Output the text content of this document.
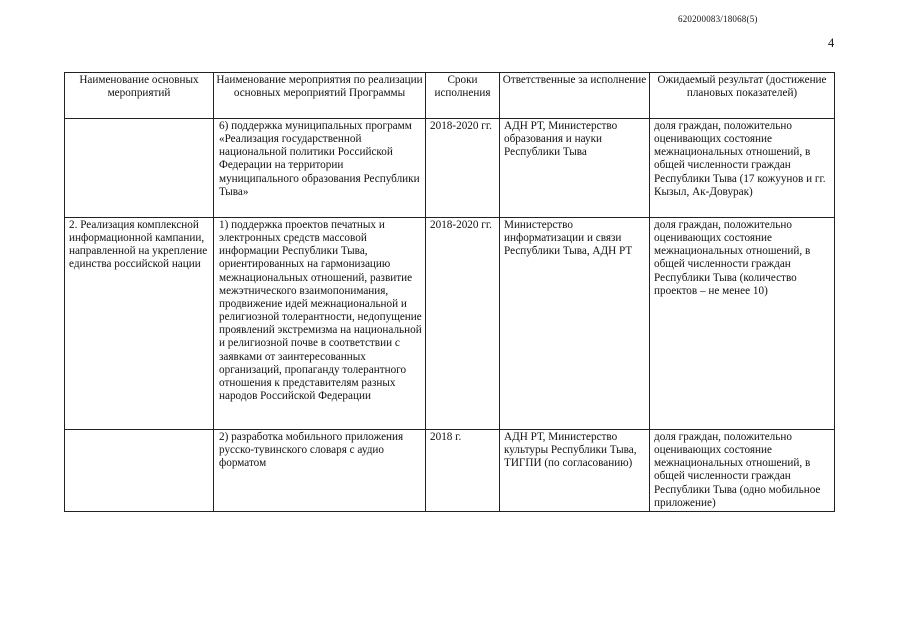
620200083/18068(5)
4
Наименование основных мероприятий	Наименование мероприятия по реализации основных мероприятий Программы	Сроки исполнения	Ответственные за исполнение	Ожидаемый результат (достижение плановых показателей)
	6) поддержка муниципальных программ «Реализация государственной национальной политики Российской Федерации на территории муниципального образования Республики Тыва»	2018-2020 гг.	АДН РТ, Министерство образования и науки Республики Тыва	доля граждан, положительно оценивающих состояние межнациональных отношений, в общей численности граждан Республики Тыва (17 кожуунов и гг. Кызыл, Ак-Довурак)
2. Реализация комплексной информационной кампании, направленной на укрепление единства российской нации	1) поддержка проектов печатных и электронных средств массовой информации Республики Тыва, ориентированных на гармонизацию межнациональных отношений, развитие межэтнического взаимопонимания, продвижение идей межнациональной и религиозной толерантности, недопущение проявлений экстремизма на национальной и религиозной почве в соответствии с заявками от заинтересованных организаций, пропаганду толерантного отношения к представителям разных народов Российской Федерации	2018-2020 гг.	Министерство информатизации и связи Республики Тыва, АДН РТ	доля граждан, положительно оценивающих состояние межнациональных отношений, в общей численности граждан Республики Тыва (количество проектов – не менее 10)
	2) разработка мобильного приложения русско-тувинского словаря с аудио форматом	2018 г.	АДН РТ, Министерство культуры Республики Тыва, ТИГПИ (по согласованию)	доля граждан, положительно оценивающих состояние межнациональных отношений, в общей численности граждан Республики Тыва (одно мобильное приложение)
